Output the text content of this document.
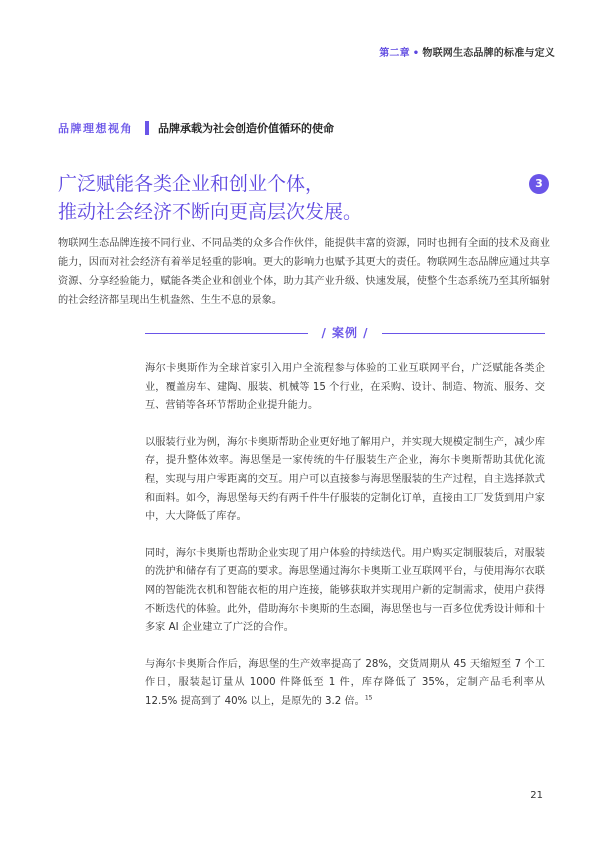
第二章 • 物联网生态品牌的标准与定义
品牌理想视角 品牌承载为社会创造价值循环的使命
广泛赋能各类企业和创业个体，
推动社会经济不断向更高层次发展。
3
物联网生态品牌连接不同行业、不同品类的众多合作伙伴，能提供丰富的资源，同时也拥有全面的技术及商业能力，因而对社会经济有着举足轻重的影响。更大的影响力也赋予其更大的责任。物联网生态品牌应通过共享资源、分享经验能力，赋能各类企业和创业个体，助力其产业升级、快速发展，使整个生态系统乃至其所辐射的社会经济都呈现出生机盎然、生生不息的景象。
/ 案例 /

海尔卡奥斯作为全球首家引入用户全流程参与体验的工业互联网平台，广泛赋能各类企业，覆盖房车、建陶、服装、机械等 15 个行业，在采购、设计、制造、物流、服务、交互、营销等各环节帮助企业提升能力。

以服装行业为例，海尔卡奥斯帮助企业更好地了解用户，并实现大规模定制生产，减少库存，提升整体效率。海思堡是一家传统的牛仔服装生产企业，海尔卡奥斯帮助其优化流程，实现与用户零距离的交互。用户可以直接参与海思堡服装的生产过程，自主选择款式和面料。如今，海思堡每天约有两千件牛仔服装的定制化订单，直接由工厂发货到用户家中，大大降低了库存。

同时，海尔卡奥斯也帮助企业实现了用户体验的持续迭代。用户购买定制服装后，对服装的洗护和储存有了更高的要求。海思堡通过海尔卡奥斯工业互联网平台，与使用海尔衣联网的智能洗衣机和智能衣柜的用户连接，能够获取并实现用户新的定制需求，使用户获得不断迭代的体验。此外，借助海尔卡奥斯的生态圈，海思堡也与一百多位优秀设计师和十多家 AI 企业建立了广泛的合作。

与海尔卡奥斯合作后，海思堡的生产效率提高了 28%，交货周期从 45 天缩短至 7 个工作日，服装起订量从 1000 件降低至 1 件，库存降低了 35%，定制产品毛利率从 12.5% 提高到了 40% 以上，是原先的 3.2 倍。$^{15}$

21
